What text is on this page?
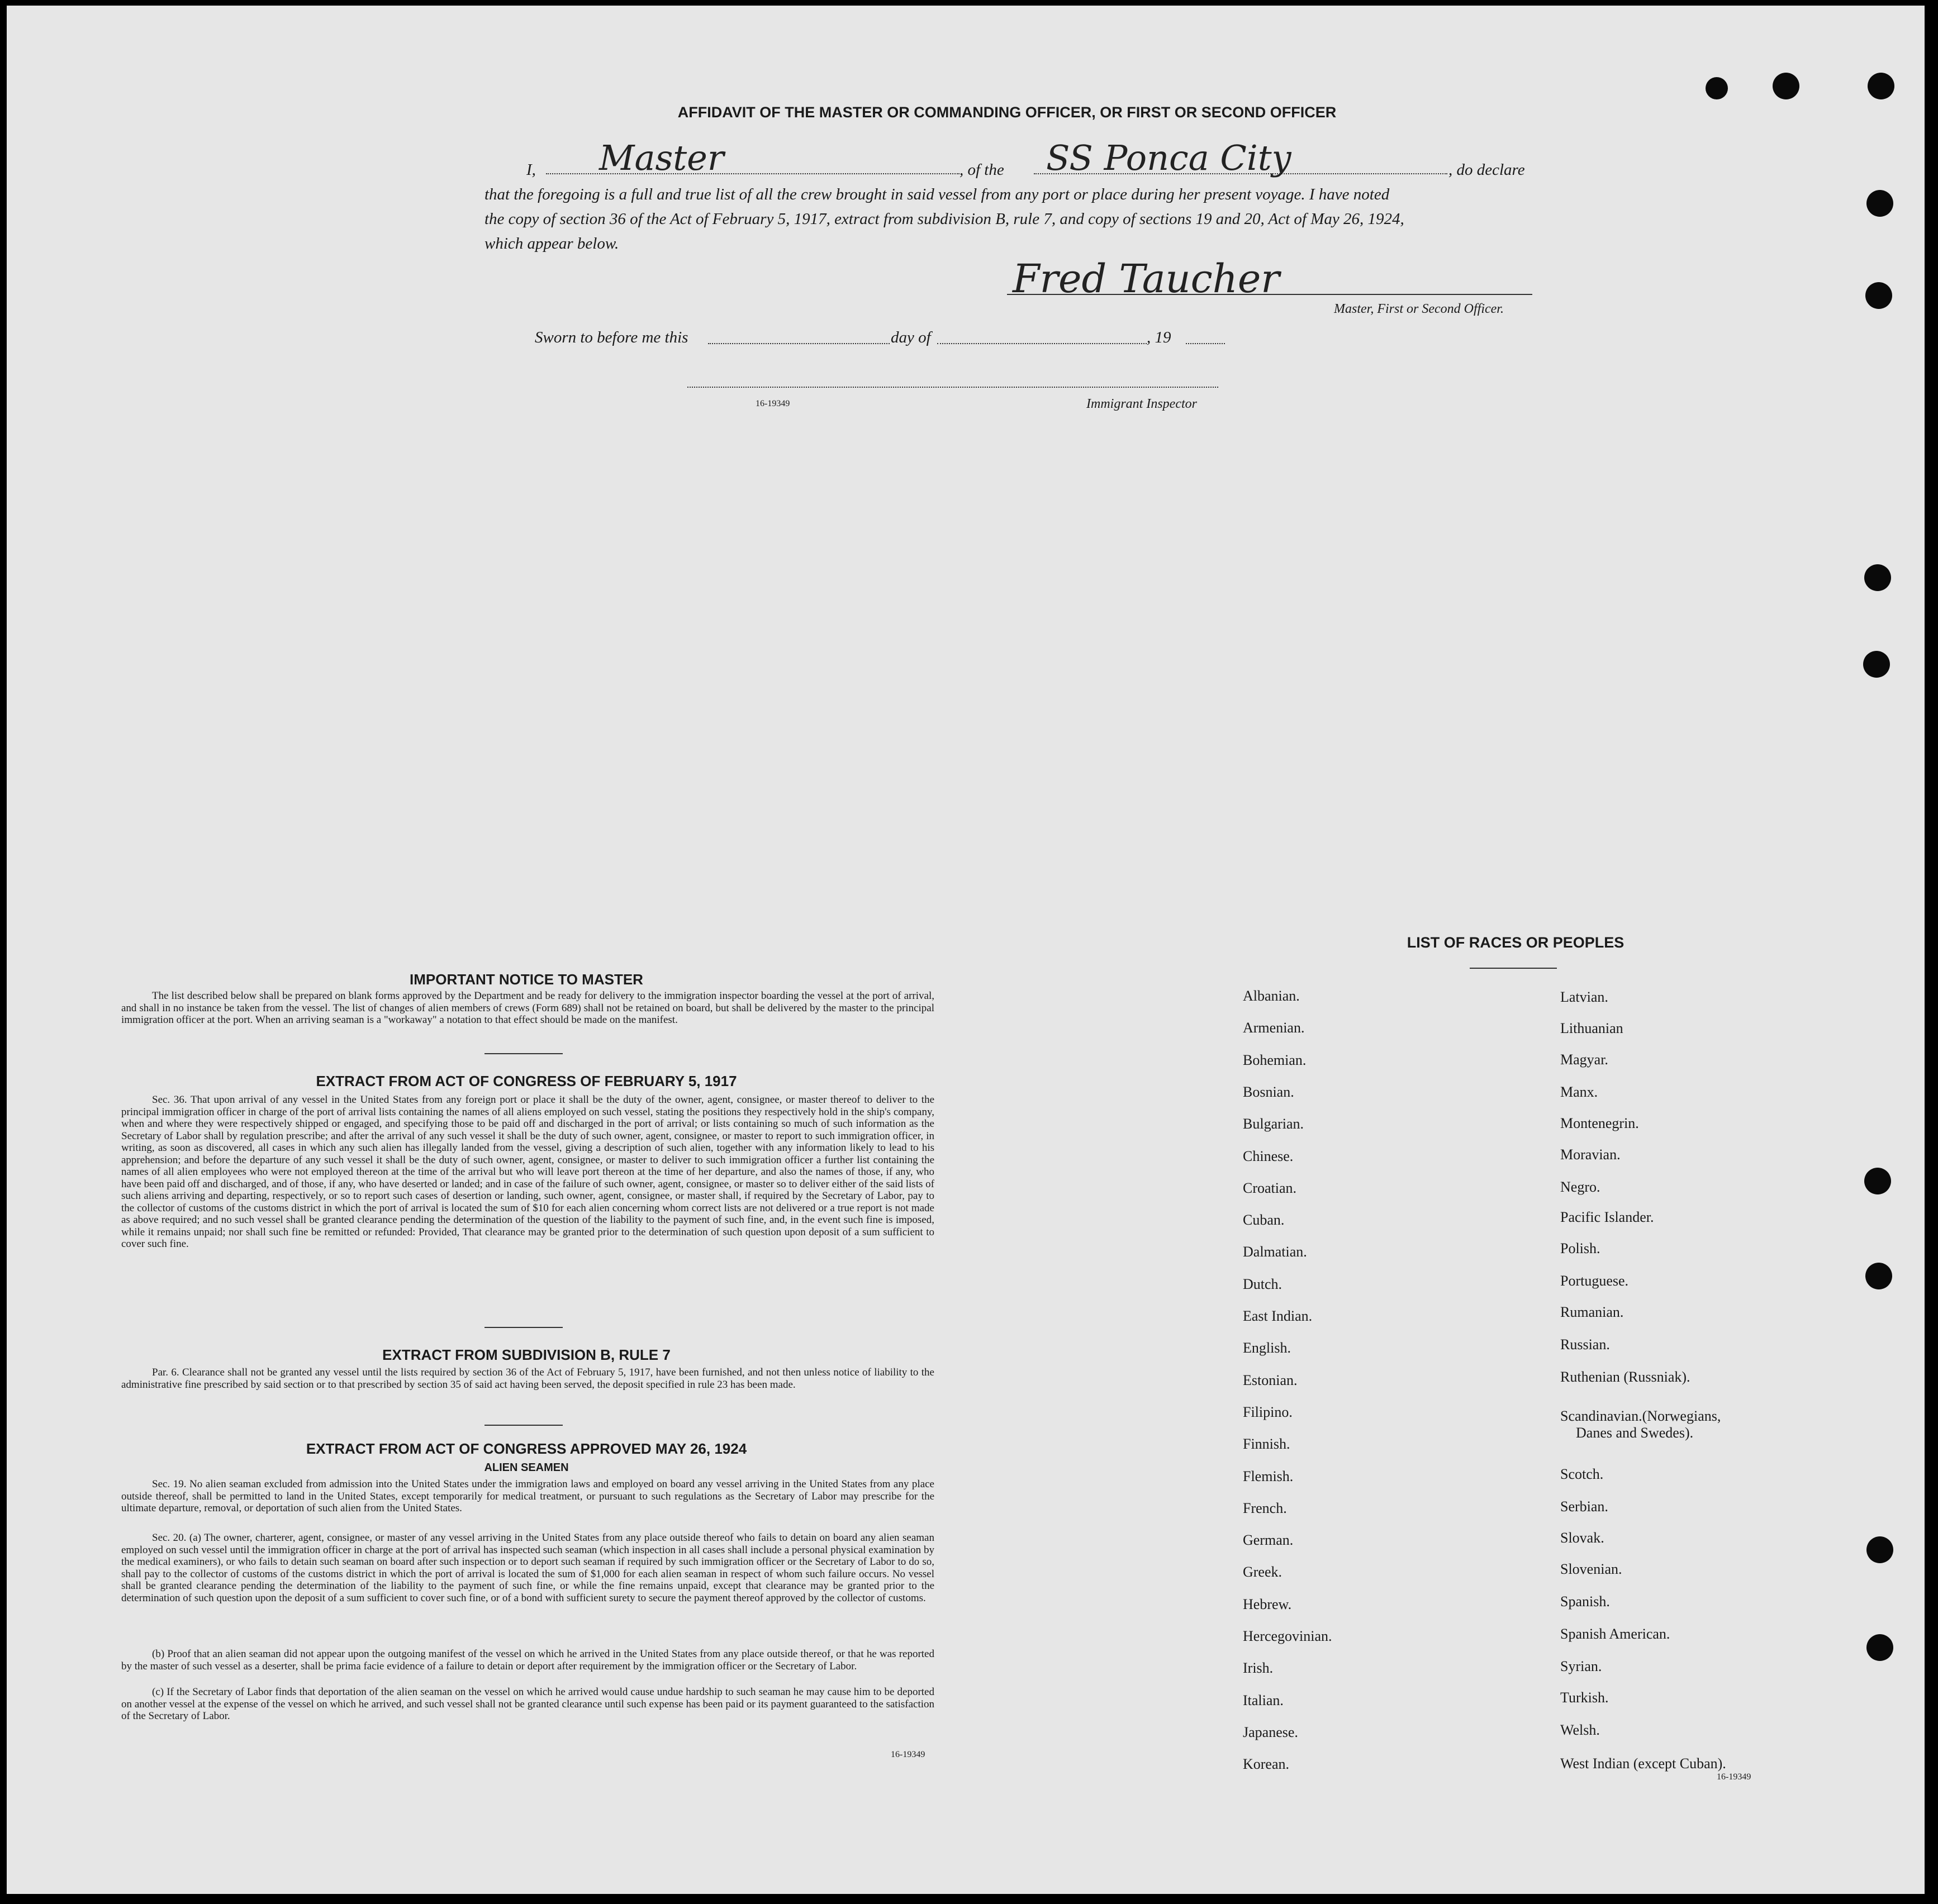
AFFIDAVIT OF THE MASTER OR COMMANDING OFFICER, OR FIRST OR SECOND OFFICER
I, Master	, of the SS Ponca City	, do declare
that the foregoing is a full and true list of all the crew brought in said vessel from any port or place during her present voyage. I have noted
the copy of section 36 of the Act of February 5, 1917, extract from subdivision B, rule 7, and copy of sections 19 and 20, Act of May 26, 1924,
which appear below.
Fred Taucher
Master, First or Second Officer.
Sworn to before me this	day of	, 19
16-19349	Immigrant Inspector
IMPORTANT NOTICE TO MASTER
The list described below shall be prepared on blank forms approved by the Department and be ready for delivery to the immigration inspector boarding the vessel at the port of arrival, and shall in no instance be taken from the vessel. The list of changes of alien members of crews (Form 689) shall not be retained on board, but shall be delivered by the master to the principal immigration officer at the port. When an arriving seaman is a "workaway" a notation to that effect should be made on the manifest.
EXTRACT FROM ACT OF CONGRESS OF FEBRUARY 5, 1917
Sec. 36. That upon arrival of any vessel in the United States from any foreign port or place it shall be the duty of the owner, agent, consignee, or master thereof to deliver to the principal immigration officer in charge of the port of arrival lists containing the names of all aliens employed on such vessel, stating the positions they respectively hold in the ship's company, when and where they were respectively shipped or engaged, and specifying those to be paid off and discharged in the port of arrival; or lists containing so much of such information as the Secretary of Labor shall by regulation prescribe; and after the arrival of any such vessel it shall be the duty of such owner, agent, consignee, or master to report to such immigration officer, in writing, as soon as discovered, all cases in which any such alien has illegally landed from the vessel, giving a description of such alien, together with any information likely to lead to his apprehension; and before the departure of any such vessel it shall be the duty of such owner, agent, consignee, or master to deliver to such immigration officer a further list containing the names of all alien employees who were not employed thereon at the time of the arrival but who will leave port thereon at the time of her departure, and also the names of those, if any, who have been paid off and discharged, and of those, if any, who have deserted or landed; and in case of the failure of such owner, agent, consignee, or master so to deliver either of the said lists of such aliens arriving and departing, respectively, or so to report such cases of desertion or landing, such owner, agent, consignee, or master shall, if required by the Secretary of Labor, pay to the collector of customs of the customs district in which the port of arrival is located the sum of $10 for each alien concerning whom correct lists are not delivered or a true report is not made as above required; and no such vessel shall be granted clearance pending the determination of the question of the liability to the payment of such fine, and, in the event such fine is imposed, while it remains unpaid; nor shall such fine be remitted or refunded: Provided, That clearance may be granted prior to the determination of such question upon deposit of a sum sufficient to cover such fine.
EXTRACT FROM SUBDIVISION B, RULE 7
Par. 6. Clearance shall not be granted any vessel until the lists required by section 36 of the Act of February 5, 1917, have been furnished, and not then unless notice of liability to the administrative fine prescribed by said section or to that prescribed by section 35 of said act having been served, the deposit specified in rule 23 has been made.
EXTRACT FROM ACT OF CONGRESS APPROVED MAY 26, 1924
ALIEN SEAMEN
Sec. 19. No alien seaman excluded from admission into the United States under the immigration laws and employed on board any vessel arriving in the United States from any place outside thereof, shall be permitted to land in the United States, except temporarily for medical treatment, or pursuant to such regulations as the Secretary of Labor may prescribe for the ultimate departure, removal, or deportation of such alien from the United States.
Sec. 20. (a) The owner, charterer, agent, consignee, or master of any vessel arriving in the United States from any place outside thereof who fails to detain on board any alien seaman employed on such vessel until the immigration officer in charge at the port of arrival has inspected such seaman (which inspection in all cases shall include a personal physical examination by the medical examiners), or who fails to detain such seaman on board after such inspection or to deport such seaman if required by such immigration officer or the Secretary of Labor to do so, shall pay to the collector of customs of the customs district in which the port of arrival is located the sum of $1,000 for each alien seaman in respect of whom such failure occurs. No vessel shall be granted clearance pending the determination of the liability to the payment of such fine, or while the fine remains unpaid, except that clearance may be granted prior to the determination of such question upon the deposit of a sum sufficient to cover such fine, or of a bond with sufficient surety to secure the payment thereof approved by the collector of customs.
(b) Proof that an alien seaman did not appear upon the outgoing manifest of the vessel on which he arrived in the United States from any place outside thereof, or that he was reported by the master of such vessel as a deserter, shall be prima facie evidence of a failure to detain or deport after requirement by the immigration officer or the Secretary of Labor.
(c) If the Secretary of Labor finds that deportation of the alien seaman on the vessel on which he arrived would cause undue hardship to such seaman he may cause him to be deported on another vessel at the expense of the vessel on which he arrived, and such vessel shall not be granted clearance until such expense has been paid or its payment guaranteed to the satisfaction of the Secretary of Labor.
16-19349
LIST OF RACES OR PEOPLES
16-19349
Albanian.
Armenian.
Bohemian.
Bosnian.
Bulgarian.
Chinese.
Croatian.
Cuban.
Dalmatian.
Dutch.
East Indian.
English.
Estonian.
Filipino.
Finnish.
Flemish.
French.
German.
Greek.
Hebrew.
Hercegovinian.
Irish.
Italian.
Japanese.
Korean.
Latvian.
Lithuanian
Magyar.
Manx.
Montenegrin.
Moravian.
Negro.
Pacific Islander.
Polish.
Portuguese.
Rumanian.
Russian.
Ruthenian (Russniak).
Scandinavian.(Norwegians,
Danes and Swedes).
Scotch.
Serbian.
Slovak.
Slovenian.
Spanish.
Spanish American.
Syrian.
Turkish.
Welsh.
West Indian (except Cuban).
